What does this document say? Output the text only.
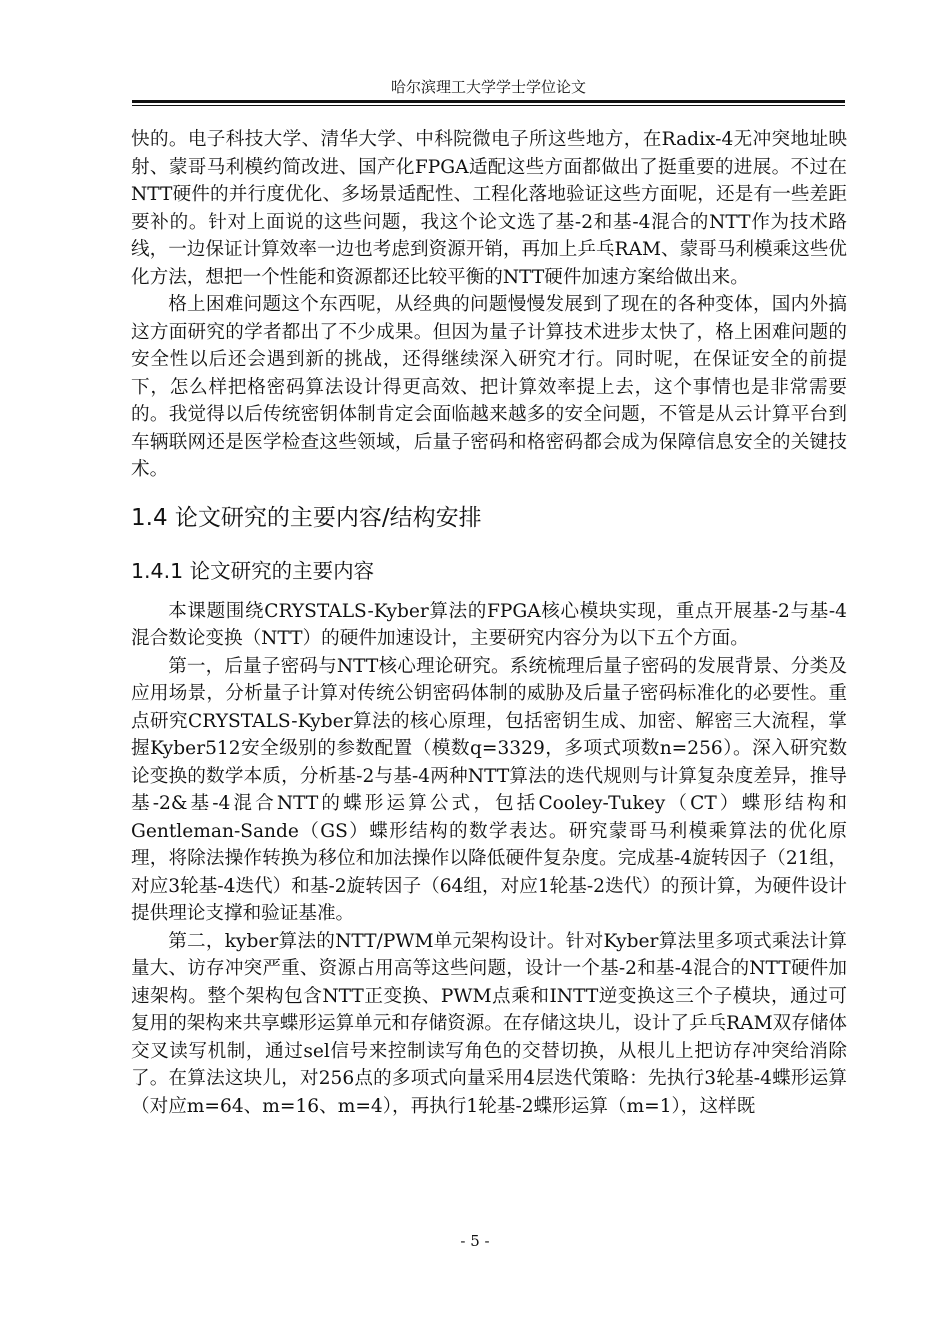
哈尔滨理工大学学士学位论文

快的。电子科技大学、清华大学、中科院微电子所这些地方，在Radix-4无冲突地址映射、蒙哥马利模约简改进、国产化FPGA适配这些方面都做出了挺重要的进展。不过在NTT硬件的并行度优化、多场景适配性、工程化落地验证这些方面呢，还是有一些差距要补的。针对上面说的这些问题，我这个论文选了基-2和基-4混合的NTT作为技术路线，一边保证计算效率一边也考虑到资源开销，再加上乒乓RAM、蒙哥马利模乘这些优化方法，想把一个性能和资源都还比较平衡的NTT硬件加速方案给做出来。

格上困难问题这个东西呢，从经典的问题慢慢发展到了现在的各种变体，国内外搞这方面研究的学者都出了不少成果。但因为量子计算技术进步太快了，格上困难问题的安全性以后还会遇到新的挑战，还得继续深入研究才行。同时呢，在保证安全的前提下，怎么样把格密码算法设计得更高效、把计算效率提上去，这个事情也是非常需要的。我觉得以后传统密钥体制肯定会面临越来越多的安全问题，不管是从云计算平台到车辆联网还是医学检查这些领域，后量子密码和格密码都会成为保障信息安全的关键技术。

1.4 论文研究的主要内容/结构安排
1.4.1 论文研究的主要内容

本课题围绕CRYSTALS-Kyber算法的FPGA核心模块实现，重点开展基-2与基-4混合数论变换（NTT）的硬件加速设计，主要研究内容分为以下五个方面。

第一，后量子密码与NTT核心理论研究。系统梳理后量子密码的发展背景、分类及应用场景，分析量子计算对传统公钥密码体制的威胁及后量子密码标准化的必要性。重点研究CRYSTALS-Kyber算法的核心原理，包括密钥生成、加密、解密三大流程，掌握Kyber512安全级别的参数配置（模数q=3329，多项式项数n=256）。深入研究数论变换的数学本质，分析基-2与基-4两种NTT算法的迭代规则与计算复杂度差异，推导基-2&基-4混合NTT的蝶形运算公式，包括Cooley-Tukey（CT）蝶形结构和Gentleman-Sande（GS）蝶形结构的数学表达。研究蒙哥马利模乘算法的优化原理，将除法操作转换为移位和加法操作以降低硬件复杂度。完成基-4旋转因子（21组，对应3轮基-4迭代）和基-2旋转因子（64组，对应1轮基-2迭代）的预计算，为硬件设计提供理论支撑和验证基准。

第二，kyber算法的NTT/PWM单元架构设计。针对Kyber算法里多项式乘法计算量大、访存冲突严重、资源占用高等这些问题，设计一个基-2和基-4混合的NTT硬件加速架构。整个架构包含NTT正变换、PWM点乘和INTT逆变换这三个子模块，通过可复用的架构来共享蝶形运算单元和存储资源。在存储这块儿，设计了乒乓RAM双存储体交叉读写机制，通过sel信号来控制读写角色的交替切换，从根儿上把访存冲突给消除了。在算法这块儿，对256点的多项式向量采用4层迭代策略：先执行3轮基-4蝶形运算（对应m=64、m=16、m=4），再执行1轮基-2蝶形运算（m=1），这样既

- 5 -
